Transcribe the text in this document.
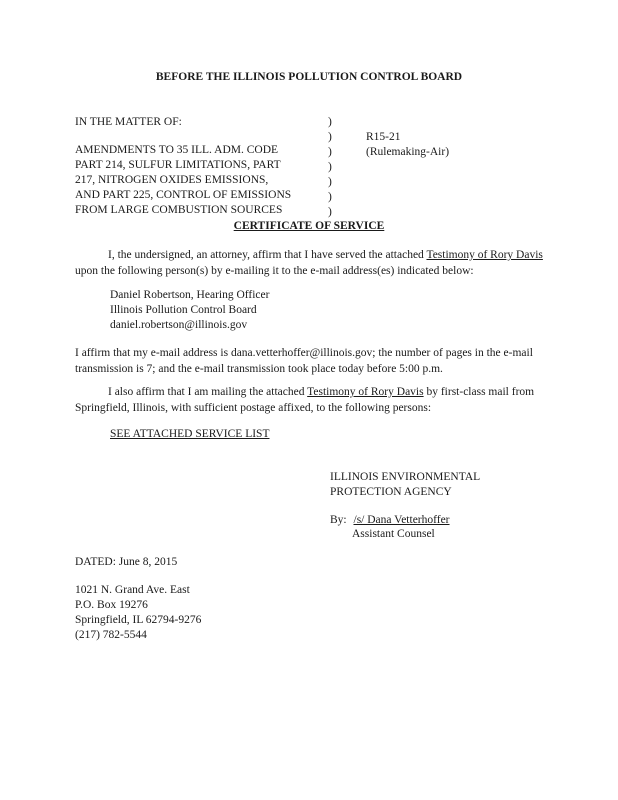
BEFORE THE ILLINOIS POLLUTION CONTROL BOARD
IN THE MATTER OF:
AMENDMENTS TO 35 ILL. ADM. CODE
PART 214, SULFUR LIMITATIONS, PART
217, NITROGEN OXIDES EMISSIONS,
AND PART 225, CONTROL OF EMISSIONS
FROM LARGE COMBUSTION SOURCES
)
)
)
)
)
)
)
R15-21
(Rulemaking-Air)
CERTIFICATE OF SERVICE
I, the undersigned, an attorney, affirm that I have served the attached Testimony of Rory Davis upon the following person(s) by e-mailing it to the e-mail address(es) indicated below:
Daniel Robertson, Hearing Officer
Illinois Pollution Control Board
daniel.robertson@illinois.gov
I affirm that my e-mail address is dana.vetterhoffer@illinois.gov; the number of pages in the e-mail transmission is 7; and the e-mail transmission took place today before 5:00 p.m.
I also affirm that I am mailing the attached Testimony of Rory Davis by first-class mail from Springfield, Illinois, with sufficient postage affixed, to the following persons:
SEE ATTACHED SERVICE LIST
ILLINOIS ENVIRONMENTAL
PROTECTION AGENCY
By: /s/ Dana Vetterhoffer
Assistant Counsel
DATED: June 8, 2015
1021 N. Grand Ave. East
P.O. Box 19276
Springfield, IL 62794-9276
(217) 782-5544
